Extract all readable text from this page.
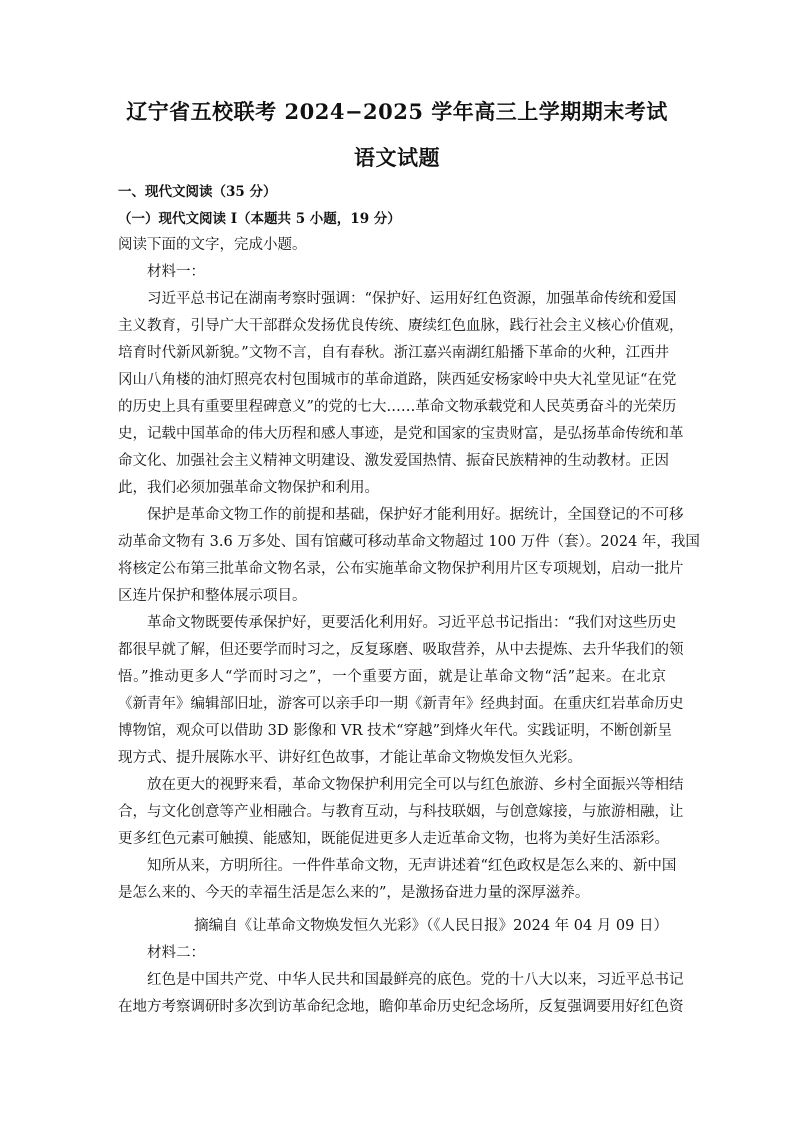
辽宁省五校联考 2024−2025 学年高三上学期期末考试
语文试题
一、现代文阅读（35 分）
（一）现代文阅读 I（本题共 5 小题，19 分）
阅读下面的文字，完成小题。
材料一：
习近平总书记在湖南考察时强调：“保护好、运用好红色资源，加强革命传统和爱国
主义教育，引导广大干部群众发扬优良传统、赓续红色血脉，践行社会主义核心价值观，
培育时代新风新貌。”文物不言，自有春秋。浙江嘉兴南湖红船播下革命的火种，江西井
冈山八角楼的油灯照亮农村包围城市的革命道路，陕西延安杨家岭中央大礼堂见证“在党
的历史上具有重要里程碑意义”的党的七大……革命文物承载党和人民英勇奋斗的光荣历
史，记载中国革命的伟大历程和感人事迹，是党和国家的宝贵财富，是弘扬革命传统和革
命文化、加强社会主义精神文明建设、激发爱国热情、振奋民族精神的生动教材。正因
此，我们必须加强革命文物保护和利用。
保护是革命文物工作的前提和基础，保护好才能利用好。据统计，全国登记的不可移
动革命文物有 3.6 万多处、国有馆藏可移动革命文物超过 100 万件（套）。2024 年，我国
将核定公布第三批革命文物名录，公布实施革命文物保护利用片区专项规划，启动一批片
区连片保护和整体展示项目。
革命文物既要传承保护好，更要活化利用好。习近平总书记指出：“我们对这些历史
都很早就了解，但还要学而时习之，反复琢磨、吸取营养，从中去提炼、去升华我们的领
悟。”推动更多人“学而时习之”，一个重要方面，就是让革命文物“活”起来。在北京
《新青年》编辑部旧址，游客可以亲手印一期《新青年》经典封面。在重庆红岩革命历史
博物馆，观众可以借助 3D 影像和 VR 技术“穿越”到烽火年代。实践证明，不断创新呈
现方式、提升展陈水平、讲好红色故事，才能让革命文物焕发恒久光彩。
放在更大的视野来看，革命文物保护利用完全可以与红色旅游、乡村全面振兴等相结
合，与文化创意等产业相融合。与教育互动，与科技联姻，与创意嫁接，与旅游相融，让
更多红色元素可触摸、能感知，既能促进更多人走近革命文物，也将为美好生活添彩。
知所从来，方明所往。一件件革命文物，无声讲述着“红色政权是怎么来的、新中国
是怎么来的、今天的幸福生活是怎么来的”，是激扬奋进力量的深厚滋养。
摘编自《让革命文物焕发恒久光彩》（《人民日报》2024 年 04 月 09 日）
材料二：
红色是中国共产党、中华人民共和国最鲜亮的底色。党的十八大以来，习近平总书记
在地方考察调研时多次到访革命纪念地，瞻仰革命历史纪念场所，反复强调要用好红色资
